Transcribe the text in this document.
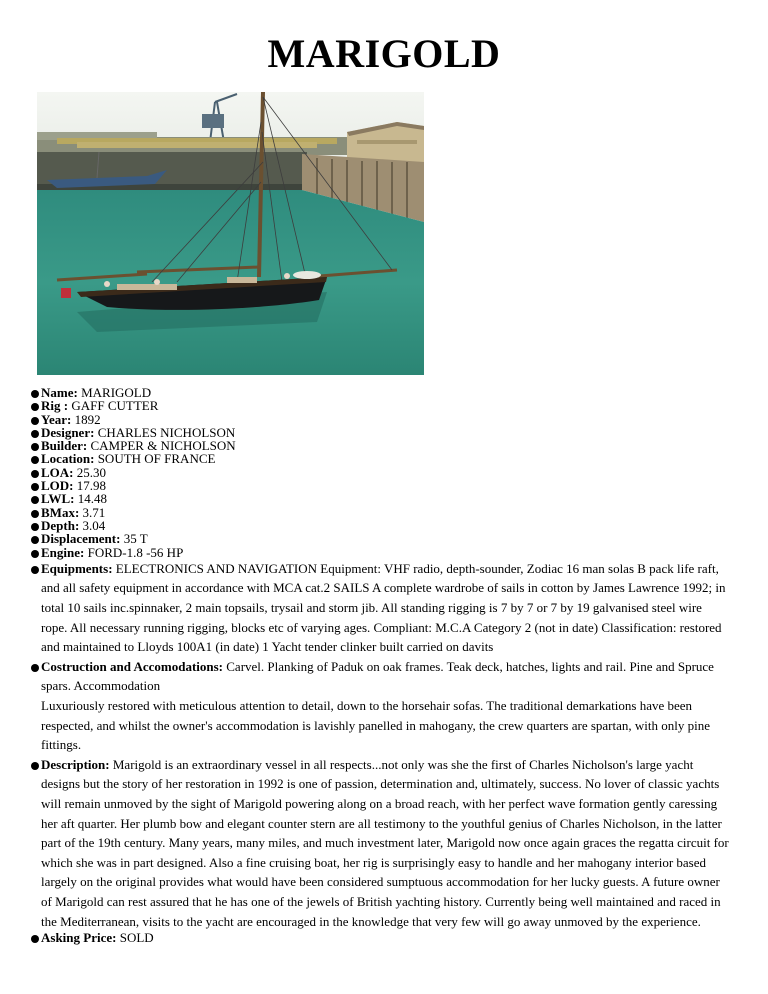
MARIGOLD
Name: MARIGOLD
Rig : GAFF CUTTER
Year: 1892
Designer: CHARLES NICHOLSON
Builder: CAMPER & NICHOLSON
Location: SOUTH OF FRANCE
LOA: 25.30
LOD: 17.98
LWL: 14.48
BMax: 3.71
Depth: 3.04
Displacement: 35 T
Engine: FORD-1.8 -56 HP
Equipments: ELECTRONICS AND NAVIGATION Equipment: VHF radio, depth-sounder, Zodiac 16 man solas B pack life raft, and all safety equipment in accordance with MCA cat.2 SAILS A complete wardrobe of sails in cotton by James Lawrence 1992; in total 10 sails inc.spinnaker, 2 main topsails, trysail and storm jib. All standing rigging is 7 by 7 or 7 by 19 galvanised steel wire rope. All necessary running rigging, blocks etc of varying ages. Compliant: M.C.A Category 2 (not in date) Classification: restored and maintained to Lloyds 100A1 (in date) 1 Yacht tender clinker built carried on davits
Costruction and Accomodations: Carvel. Planking of Paduk on oak frames. Teak deck, hatches, lights and rail. Pine and Spruce spars. Accommodation
Luxuriously restored with meticulous attention to detail, down to the horsehair sofas. The traditional demarkations have been respected, and whilst the owner's accommodation is lavishly panelled in mahogany, the crew quarters are spartan, with only pine fittings.
Description: Marigold is an extraordinary vessel in all respects...not only was she the first of Charles Nicholson's large yacht designs but the story of her restoration in 1992 is one of passion, determination and, ultimately, success. No lover of classic yachts will remain unmoved by the sight of Marigold powering along on a broad reach, with her perfect wave formation gently caressing her aft quarter. Her plumb bow and elegant counter stern are all testimony to the youthful genius of Charles Nicholson, in the latter part of the 19th century. Many years, many miles, and much investment later, Marigold now once again graces the regatta circuit for which she was in part designed. Also a fine cruising boat, her rig is surprisingly easy to handle and her mahogany interior based largely on the original provides what would have been considered sumptuous accommodation for her lucky guests. A future owner of Marigold can rest assured that he has one of the jewels of British yachting history. Currently being well maintained and raced in the Mediterranean, visits to the yacht are encouraged in the knowledge that very few will go away unmoved by the experience.
Asking Price: SOLD
